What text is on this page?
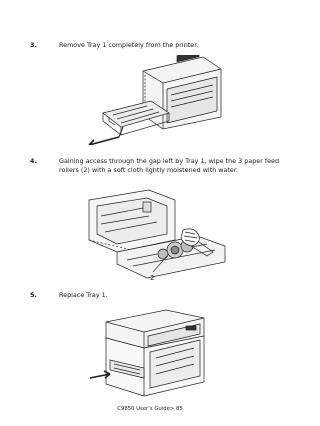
3.	Remove Tray 1 completely from the printer.
4.	Gaining access through the gap left by Tray 1, wipe the 3 paper feed rollers (2) with a soft cloth lightly moistened with water.
2
5.	Replace Tray 1.
C9850 User’s Guide> 85
